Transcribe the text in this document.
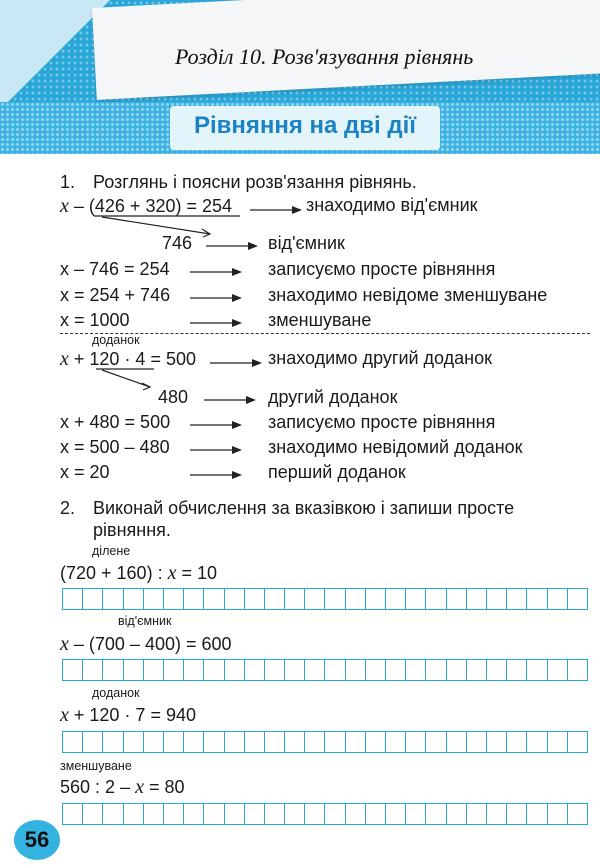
Розділ 10. Розв'язування рівнянь
Рівняння на дві дії
1. Розглянь і поясни розв'язання рівнянь.
x – (426 + 320) = 254	знаходимо від'ємник
746	від'ємник
x – 746 = 254	записуємо просте рівняння
x = 254 + 746	знаходимо невідоме зменшуване
x = 1000	зменшуване
доданок
x + 120 · 4 = 500	знаходимо другий доданок
480	другий доданок
x + 480 = 500	записуємо просте рівняння
x = 500 – 480	знаходимо невідомий доданок
x = 20	перший доданок
2. Виконай обчислення за вказівкою і запиши просте
рівняння.
ділене
(720 + 160) : x = 10
від'ємник
x – (700 – 400) = 600
доданок
x + 120 · 7 = 940
зменшуване
560 : 2 – x = 80
56
